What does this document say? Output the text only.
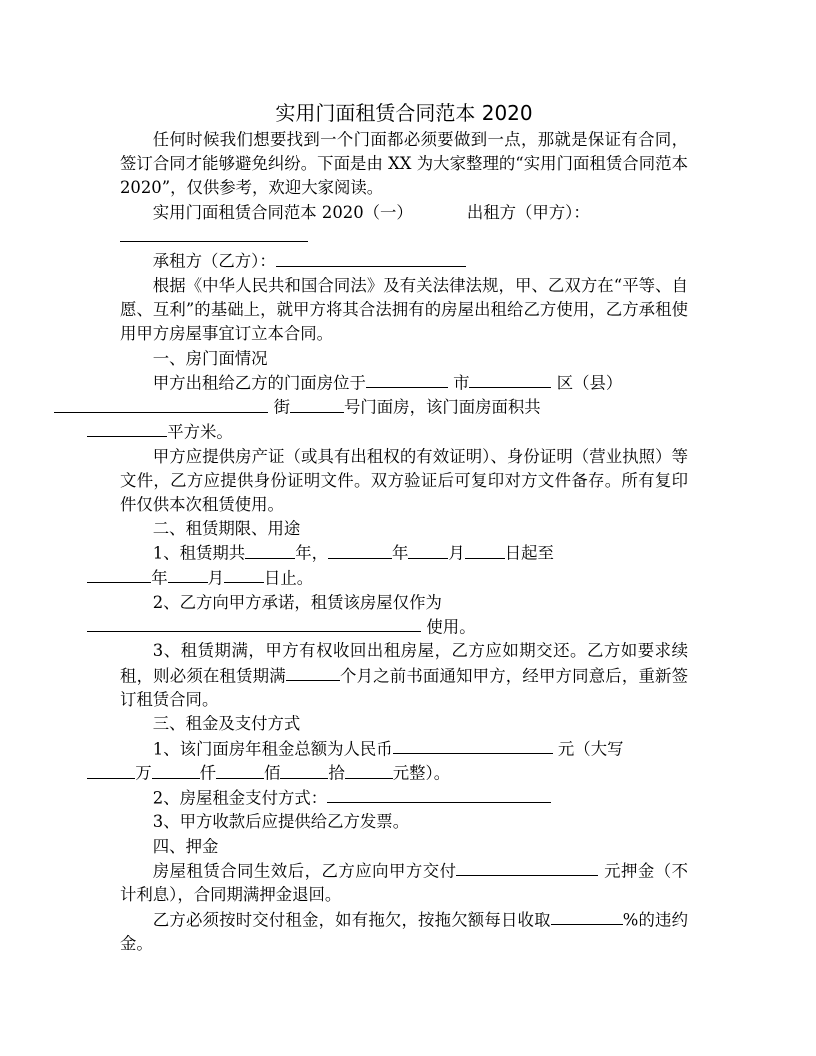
实用门面租赁合同范本 2020

任何时候我们想要找到一个门面都必须要做到一点，那就是保证有合同，签订合同才能够避免纠纷。下面是由 XX 为大家整理的“实用门面租赁合同范本 2020”，仅供参考，欢迎大家阅读。

实用门面租赁合同范本 2020（一）	出租方（甲方）：

承租方（乙方）：

根据《中华人民共和国合同法》及有关法律法规，甲、乙双方在“平等、自愿、互利”的基础上，就甲方将其合法拥有的房屋出租给乙方使用，乙方承租使用甲方房屋事宜订立本合同。

一、房门面情况

甲方出租给乙方的门面房位于	市	区（县）
街	号门面房，该门面房面积共
平方米。

甲方应提供房产证（或具有出租权的有效证明）、身份证明（营业执照）等文件，乙方应提供身份证明文件。双方验证后可复印对方文件备存。所有复印件仅供本次租赁使用。

二、租赁期限、用途

1、租赁期共	年，	年 月 日起至
年 月 日止。

2、乙方向甲方承诺，租赁该房屋仅作为
使用。

3、租赁期满，甲方有权收回出租房屋，乙方应如期交还。乙方如要求续租，则必须在租赁期满	个月之前书面通知甲方，经甲方同意后，重新签订租赁合同。

三、租金及支付方式

1、该门面房年租金总额为人民币	元（大写
万	仟	佰	拾	元整）。

2、房屋租金支付方式：

3、甲方收款后应提供给乙方发票。

四、押金

房屋租赁合同生效后，乙方应向甲方交付	元押金（不计利息），合同期满押金退回。

乙方必须按时交付租金，如有拖欠，按拖欠额每日收取	%的违约金。
